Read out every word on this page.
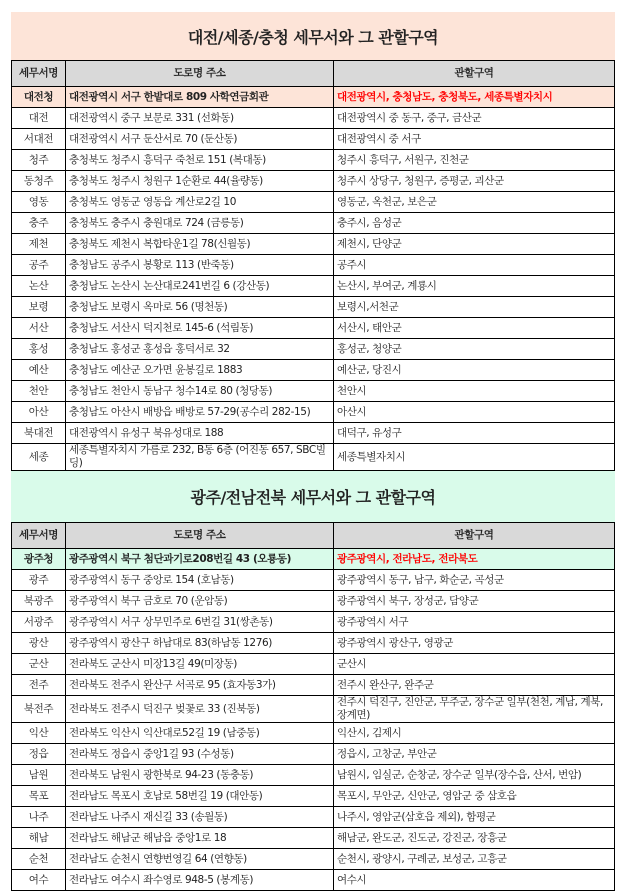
대전/세종/충청 세무서와 그 관할구역
세무서명	도로명 주소	관할구역
대전청	대전광역시 서구 한밭대로 809 사학연금회관	대전광역시, 충청남도, 충청북도, 세종특별자치시
대전	대전광역시 중구 보문로 331 (선화동)	대전광역시 중 동구, 중구, 금산군
서대전	대전광역시 서구 둔산서로 70 (둔산동)	대전광역시 중 서구
청주	충청북도 청주시 흥덕구 죽천로 151 (복대동)	청주시 흥덕구, 서원구, 진천군
동청주	충청북도 청주시 청원구 1순환로 44(율량동)	청주시 상당구, 청원구, 증평군, 괴산군
영동	충청북도 영동군 영동읍 계산로2길 10	영동군, 옥천군, 보은군
충주	충청북도 충주시 충원대로 724 (금릉동)	충주시, 음성군
제천	충청북도 제천시 복합타운1길 78(신월동)	제천시, 단양군
공주	충청남도 공주시 봉황로 113 (반죽동)	공주시
논산	충청남도 논산시 논산대로241번길 6 (강산동)	논산시, 부여군, 계룡시
보령	충청남도 보령시 옥마로 56 (명천동)	보령시,서천군
서산	충청남도 서산시 덕지천로 145-6 (석림동)	서산시, 태안군
홍성	충청남도 홍성군 홍성읍 홍덕서로 32	홍성군, 청양군
예산	충청남도 예산군 오가면 윤봉길로 1883	예산군, 당진시
천안	충청남도 천안시 동남구 청수14로 80 (청당동)	천안시
아산	충청남도 아산시 배방읍 배방로 57-29(공수리 282-15)	아산시
북대전	대전광역시 유성구 북유성대로 188	대덕구, 유성구
세종	세종특별자치시 가름로 232, B동 6층 (어진동 657, SBC빌딩)	세종특별자치시
광주/전남전북 세무서와 그 관할구역
세무서명	도로명 주소	관할구역
광주청	광주광역시 북구 첨단과기로208번길 43 (오룡동)	광주광역시, 전라남도, 전라북도
광주	광주광역시 동구 중앙로 154 (호남동)	광주광역시 동구, 남구, 화순군, 곡성군
북광주	광주광역시 북구 금호로 70 (운암동)	광주광역시 북구, 장성군, 담양군
서광주	광주광역시 서구 상무민주로 6번길 31(쌍촌동)	광주광역시 서구
광산	광주광역시 광산구 하남대로 83(하남동 1276)	광주광역시 광산구, 영광군
군산	전라북도 군산시 미장13길 49(미장동)	군산시
전주	전라북도 전주시 완산구 서곡로 95 (효자동3가)	전주시 완산구, 완주군
북전주	전라북도 전주시 덕진구 벚꽃로 33 (진북동)	전주시 덕진구, 진안군, 무주군, 장수군 일부(천천, 계남, 계북, 장계면)
익산	전라북도 익산시 익산대로52길 19 (남중동)	익산시, 김제시
정읍	전라북도 정읍시 중앙1길 93 (수성동)	정읍시, 고창군, 부안군
남원	전라북도 남원시 광한북로 94-23 (동충동)	남원시, 임실군, 순창군, 장수군 일부(장수읍, 산서, 번암)
목포	전라남도 목포시 호남로 58번길 19 (대안동)	목포시, 무안군, 신안군, 영암군 중 삼호읍
나주	전라남도 나주시 재신길 33 (송월동)	나주시, 영암군(삼호읍 제외), 함평군
해남	전라남도 해남군 해남읍 중앙1로 18	해남군, 완도군, 진도군, 강진군, 장흥군
순천	전라남도 순천시 연향번영길 64 (연향동)	순천시, 광양시, 구례군, 보성군, 고흥군
여수	전라남도 여수시 좌수영로 948-5 (봉계동)	여수시
